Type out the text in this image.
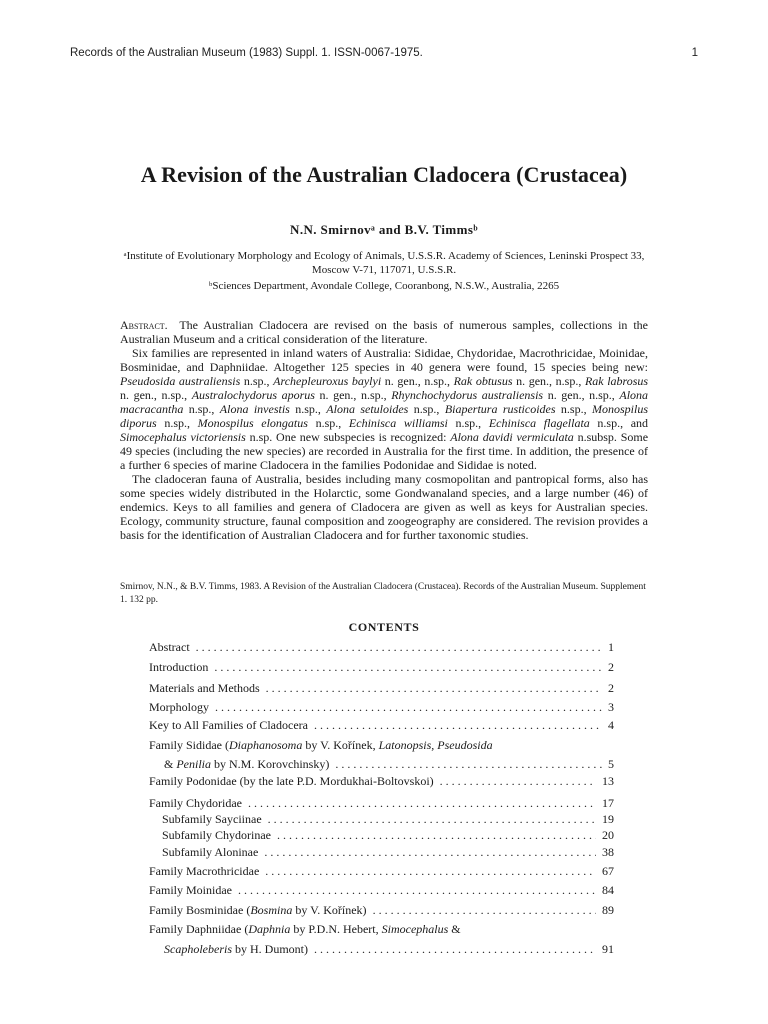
Records of the Australian Museum (1983) Suppl. 1. ISSN-0067-1975.	1
A Revision of the Australian Cladocera (Crustacea)
N.N. Smirnovᵃ and B.V. Timmsᵇ
ᵃInstitute of Evolutionary Morphology and Ecology of Animals, U.S.S.R. Academy of Sciences, Leninski Prospect 33, Moscow V-71, 117071, U.S.S.R.
ᵇSciences Department, Avondale College, Cooranbong, N.S.W., Australia, 2265

Abstract. The Australian Cladocera are revised on the basis of numerous samples, collections in the Australian Museum and a critical consideration of the literature.

Six families are represented in inland waters of Australia: Sididae, Chydoridae, Macrothricidae, Moinidae, Bosminidae, and Daphniidae. Altogether 125 species in 40 genera were found, 15 species being new: Pseudosida australiensis n.sp., Archepleuroxus baylyi n. gen., n.sp., Rak obtusus n. gen., n.sp., Rak labrosus n. gen., n.sp., Australochydorus aporus n. gen., n.sp., Rhynchochydorus australiensis n. gen., n.sp., Alona macracantha n.sp., Alona investis n.sp., Alona setuloides n.sp., Biapertura rusticoides n.sp., Monospilus diporus n.sp., Monospilus elongatus n.sp., Echinisca williamsi n.sp., Echinisca flagellata n.sp., and Simocephalus victoriensis n.sp. One new subspecies is recognized: Alona davidi vermiculata n.subsp. Some 49 species (including the new species) are recorded in Australia for the first time. In addition, the presence of a further 6 species of marine Cladocera in the families Podonidae and Sididae is noted.

The cladoceran fauna of Australia, besides including many cosmopolitan and pantropical forms, also has some species widely distributed in the Holarctic, some Gondwanaland species, and a large number (46) of endemics. Keys to all families and genera of Cladocera are given as well as keys for Australian species. Ecology, community structure, faunal composition and zoogeography are considered. The revision provides a basis for the identification of Australian Cladocera and for further taxonomic studies.

Smirnov, N.N., & B.V. Timms, 1983. A Revision of the Australian Cladocera (Crustacea). Records of the Australian Museum. Supplement 1. 132 pp.
CONTENTS
Abstract . . .	1
Introduction . . .	2
Materials and Methods . . .	2
Morphology . . .	3
Key to All Families of Cladocera . . .	4
Family Sididae (Diaphanosoma by V. Kořínek, Latonopsis, Pseudosida
& Penilia by N.M. Korovchinsky) . . .	5
Family Podonidae (by the late P.D. Mordukhai-Boltovskoi) . . .	13
Family Chydoridae . . .	17
Subfamily Sayciinae . . .	19
Subfamily Chydorinae . . .	20
Subfamily Aloninae . . .	38
Family Macrothricidae . . .	67
Family Moinidae . . .	84
Family Bosminidae (Bosmina by V. Kořínek) . . .	89
Family Daphniidae (Daphnia by P.D.N. Hebert, Simocephalus &
Scapholeberis by H. Dumont) . . .	91
